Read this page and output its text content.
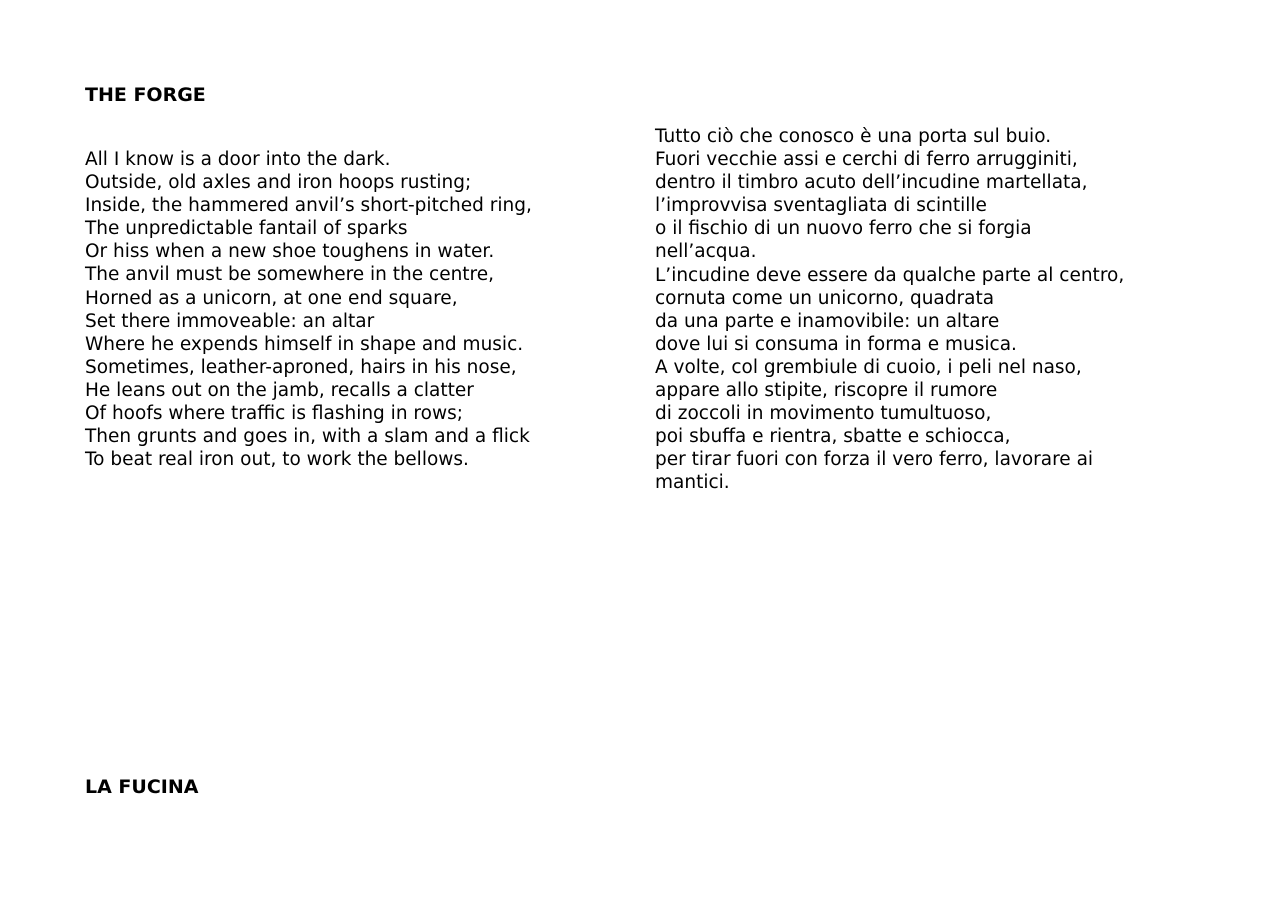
THE FORGE
All I know is a door into the dark.
Outside, old axles and iron hoops rusting;
Inside, the hammered anvil’s short-pitched ring,
The unpredictable fantail of sparks
Or hiss when a new shoe toughens in water.
The anvil must be somewhere in the centre,
Horned as a unicorn, at one end square,
Set there immoveable: an altar
Where he expends himself in shape and music.
Sometimes, leather-aproned, hairs in his nose,
He leans out on the jamb, recalls a clatter
Of hoofs where traffic is flashing in rows;
Then grunts and goes in, with a slam and a flick
To beat real iron out, to work the bellows.
Tutto ciò che conosco è una porta sul buio.
Fuori vecchie assi e cerchi di ferro arrugginiti,
dentro il timbro acuto dell’incudine martellata,
l’improvvisa sventagliata di scintille
o il fischio di un nuovo ferro che si forgia
nell’acqua.
L’incudine deve essere da qualche parte al centro,
cornuta come un unicorno, quadrata
da una parte e inamovibile: un altare
dove lui si consuma in forma e musica.
A volte, col grembiule di cuoio, i peli nel naso,
appare allo stipite, riscopre il rumore
di zoccoli in movimento tumultuoso,
poi sbuffa e rientra, sbatte e schiocca,
per tirar fuori con forza il vero ferro, lavorare ai
mantici.
LA FUCINA
